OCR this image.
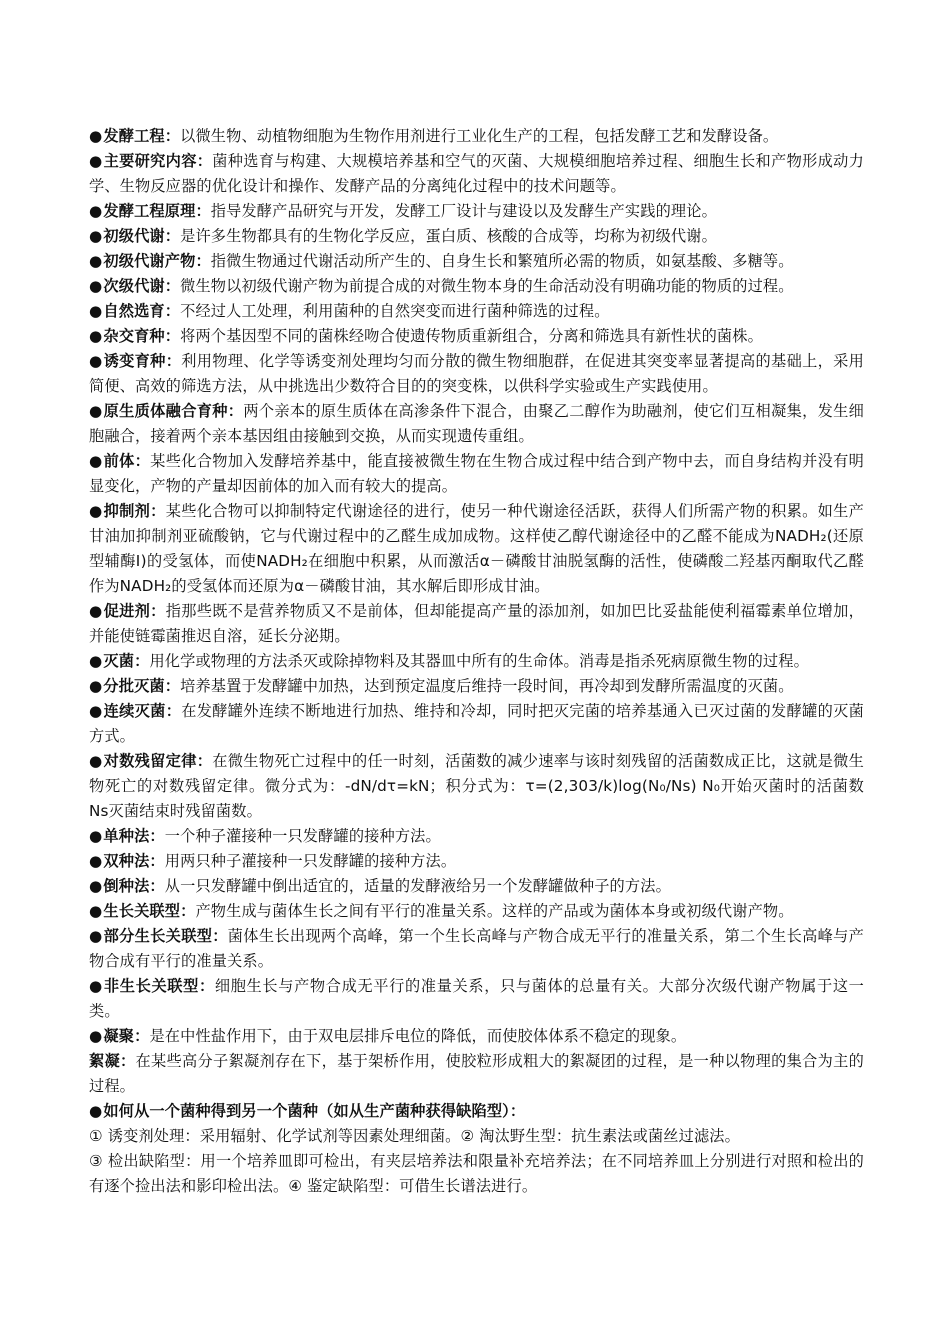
●发酵工程：以微生物、动植物细胞为生物作用剂进行工业化生产的工程，包括发酵工艺和发酵设备。

●主要研究内容：菌种选育与构建、大规模培养基和空气的灭菌、大规模细胞培养过程、细胞生长和产物形成动力学、生物反应器的优化设计和操作、发酵产品的分离纯化过程中的技术问题等。

●发酵工程原理：指导发酵产品研究与开发，发酵工厂设计与建设以及发酵生产实践的理论。

●初级代谢：是许多生物都具有的生物化学反应，蛋白质、核酸的合成等，均称为初级代谢。

●初级代谢产物：指微生物通过代谢活动所产生的、自身生长和繁殖所必需的物质，如氨基酸、多糖等。

●次级代谢：微生物以初级代谢产物为前提合成的对微生物本身的生命活动没有明确功能的物质的过程。

●自然选育：不经过人工处理，利用菌种的自然突变而进行菌种筛选的过程。

●杂交育种：将两个基因型不同的菌株经吻合使遗传物质重新组合，分离和筛选具有新性状的菌株。

●诱变育种：利用物理、化学等诱变剂处理均匀而分散的微生物细胞群，在促进其突变率显著提高的基础上，采用简便、高效的筛选方法，从中挑选出少数符合目的的突变株，以供科学实验或生产实践使用。

●原生质体融合育种：两个亲本的原生质体在高渗条件下混合，由聚乙二醇作为助融剂，使它们互相凝集，发生细胞融合，接着两个亲本基因组由接触到交换，从而实现遗传重组。

●前体：某些化合物加入发酵培养基中，能直接被微生物在生物合成过程中结合到产物中去，而自身结构并没有明显变化，产物的产量却因前体的加入而有较大的提高。

●抑制剂：某些化合物可以抑制特定代谢途径的进行，使另一种代谢途径活跃，获得人们所需产物的积累。如生产甘油加抑制剂亚硫酸钠，它与代谢过程中的乙醛生成加成物。这样使乙醇代谢途径中的乙醛不能成为NADH₂(还原型辅酶Ⅰ)的受氢体，而使NADH₂在细胞中积累，从而激活α－磷酸甘油脱氢酶的活性，使磷酸二羟基丙酮取代乙醛作为NADH₂的受氢体而还原为α－磷酸甘油，其水解后即形成甘油。

●促进剂：指那些既不是营养物质又不是前体，但却能提高产量的添加剂，如加巴比妥盐能使利福霉素单位增加，并能使链霉菌推迟自溶，延长分泌期。

●灭菌：用化学或物理的方法杀灭或除掉物料及其器皿中所有的生命体。消毒是指杀死病原微生物的过程。

●分批灭菌：培养基置于发酵罐中加热，达到预定温度后维持一段时间，再冷却到发酵所需温度的灭菌。

●连续灭菌：在发酵罐外连续不断地进行加热、维持和冷却，同时把灭完菌的培养基通入已灭过菌的发酵罐的灭菌方式。

●对数残留定律：在微生物死亡过程中的任一时刻，活菌数的减少速率与该时刻残留的活菌数成正比，这就是微生物死亡的对数残留定律。微分式为：-dN/dτ=kN；积分式为：τ=(2,303/k)log(N₀/Ns) N₀开始灭菌时的活菌数 Ns灭菌结束时残留菌数。

●单种法：一个种子灌接种一只发酵罐的接种方法。

●双种法：用两只种子灌接种一只发酵罐的接种方法。

●倒种法：从一只发酵罐中倒出适宜的，适量的发酵液给另一个发酵罐做种子的方法。

●生长关联型：产物生成与菌体生长之间有平行的准量关系。这样的产品或为菌体本身或初级代谢产物。

●部分生长关联型：菌体生长出现两个高峰，第一个生长高峰与产物合成无平行的准量关系，第二个生长高峰与产物合成有平行的准量关系。

●非生长关联型：细胞生长与产物合成无平行的准量关系，只与菌体的总量有关。大部分次级代谢产物属于这一类。

●凝聚：是在中性盐作用下，由于双电层排斥电位的降低，而使胶体体系不稳定的现象。

絮凝：在某些高分子絮凝剂存在下，基于架桥作用，使胶粒形成粗大的絮凝团的过程，是一种以物理的集合为主的过程。

●如何从一个菌种得到另一个菌种（如从生产菌种获得缺陷型）：

① 诱变剂处理：采用辐射、化学试剂等因素处理细菌。② 淘汰野生型：抗生素法或菌丝过滤法。

③ 检出缺陷型：用一个培养皿即可检出，有夹层培养法和限量补充培养法；在不同培养皿上分别进行对照和检出的有逐个捡出法和影印检出法。④ 鉴定缺陷型：可借生长谱法进行。
